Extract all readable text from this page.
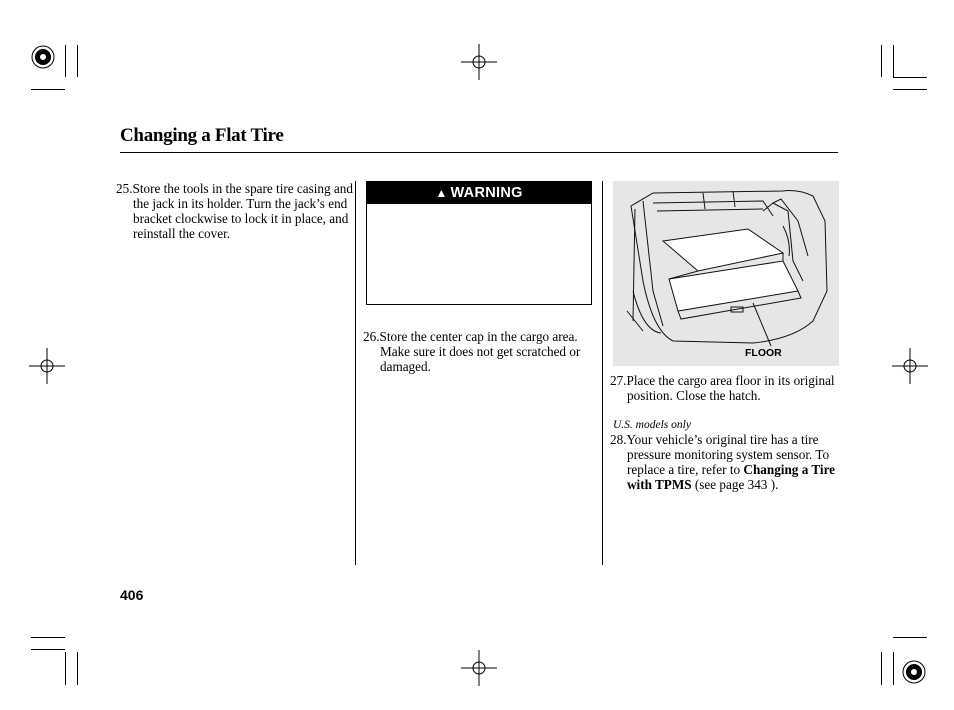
Changing a Flat Tire
25.Store the tools in the spare tire casing and the jack in its holder. Turn the jack’s end bracket clockwise to lock it in place, and reinstall the cover.
▲ WARNING
26.Store the center cap in the cargo area. Make sure it does not get scratched or damaged.
FLOOR
27.Place the cargo area floor in its original position. Close the hatch.
U.S. models only
28.Your vehicle’s original tire has a tire pressure monitoring system sensor. To replace a tire, refer to Changing a Tire with TPMS (see page 343 ).
406
